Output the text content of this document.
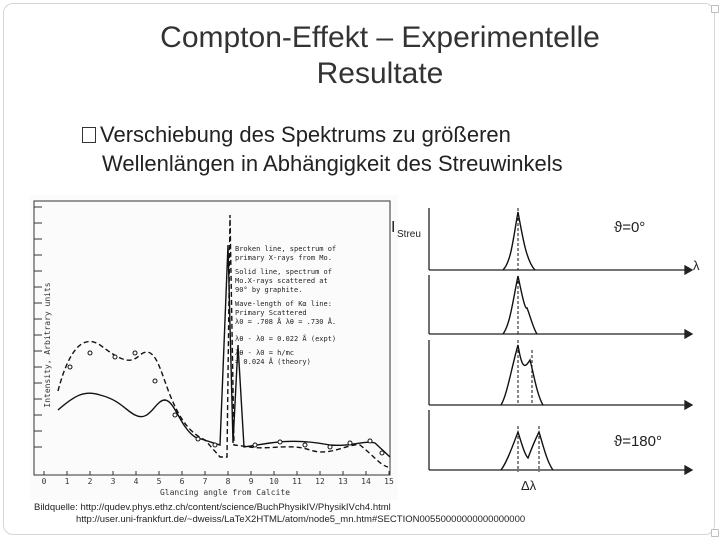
Compton-Effekt – Experimentelle
Resultate
Verschiebung des Spektrums zu größeren
Wellenlängen in Abhängigkeit des Streuwinkels
Intensity, Arbitrary units
0 1 2 3 4 5 6 7 8 9 10 11 12 13 14 15
Glancing angle from Calcite
Broken line, spectrum of
primary X-rays from Mo.
Solid line, spectrum of
Mo.X-rays scattered at
90° by graphite.
Wave-length of Kα line:
Primary Scattered
λ0 = .708 Å λθ = .730 Å.
λθ - λ0 = 0.022 Å (expt)
λθ - λ0 = h/mc
= 0.024 Å (theory)
I Streu
λ
ϑ=0°
ϑ=180°
Δλ
Bildquelle: http://qudev.phys.ethz.ch/content/science/BuchPhysikIV/PhysikIVch4.html
http://user.uni-frankfurt.de/~dweiss/LaTeX2HTML/atom/node5_mn.htm#SECTION00550000000000000000
